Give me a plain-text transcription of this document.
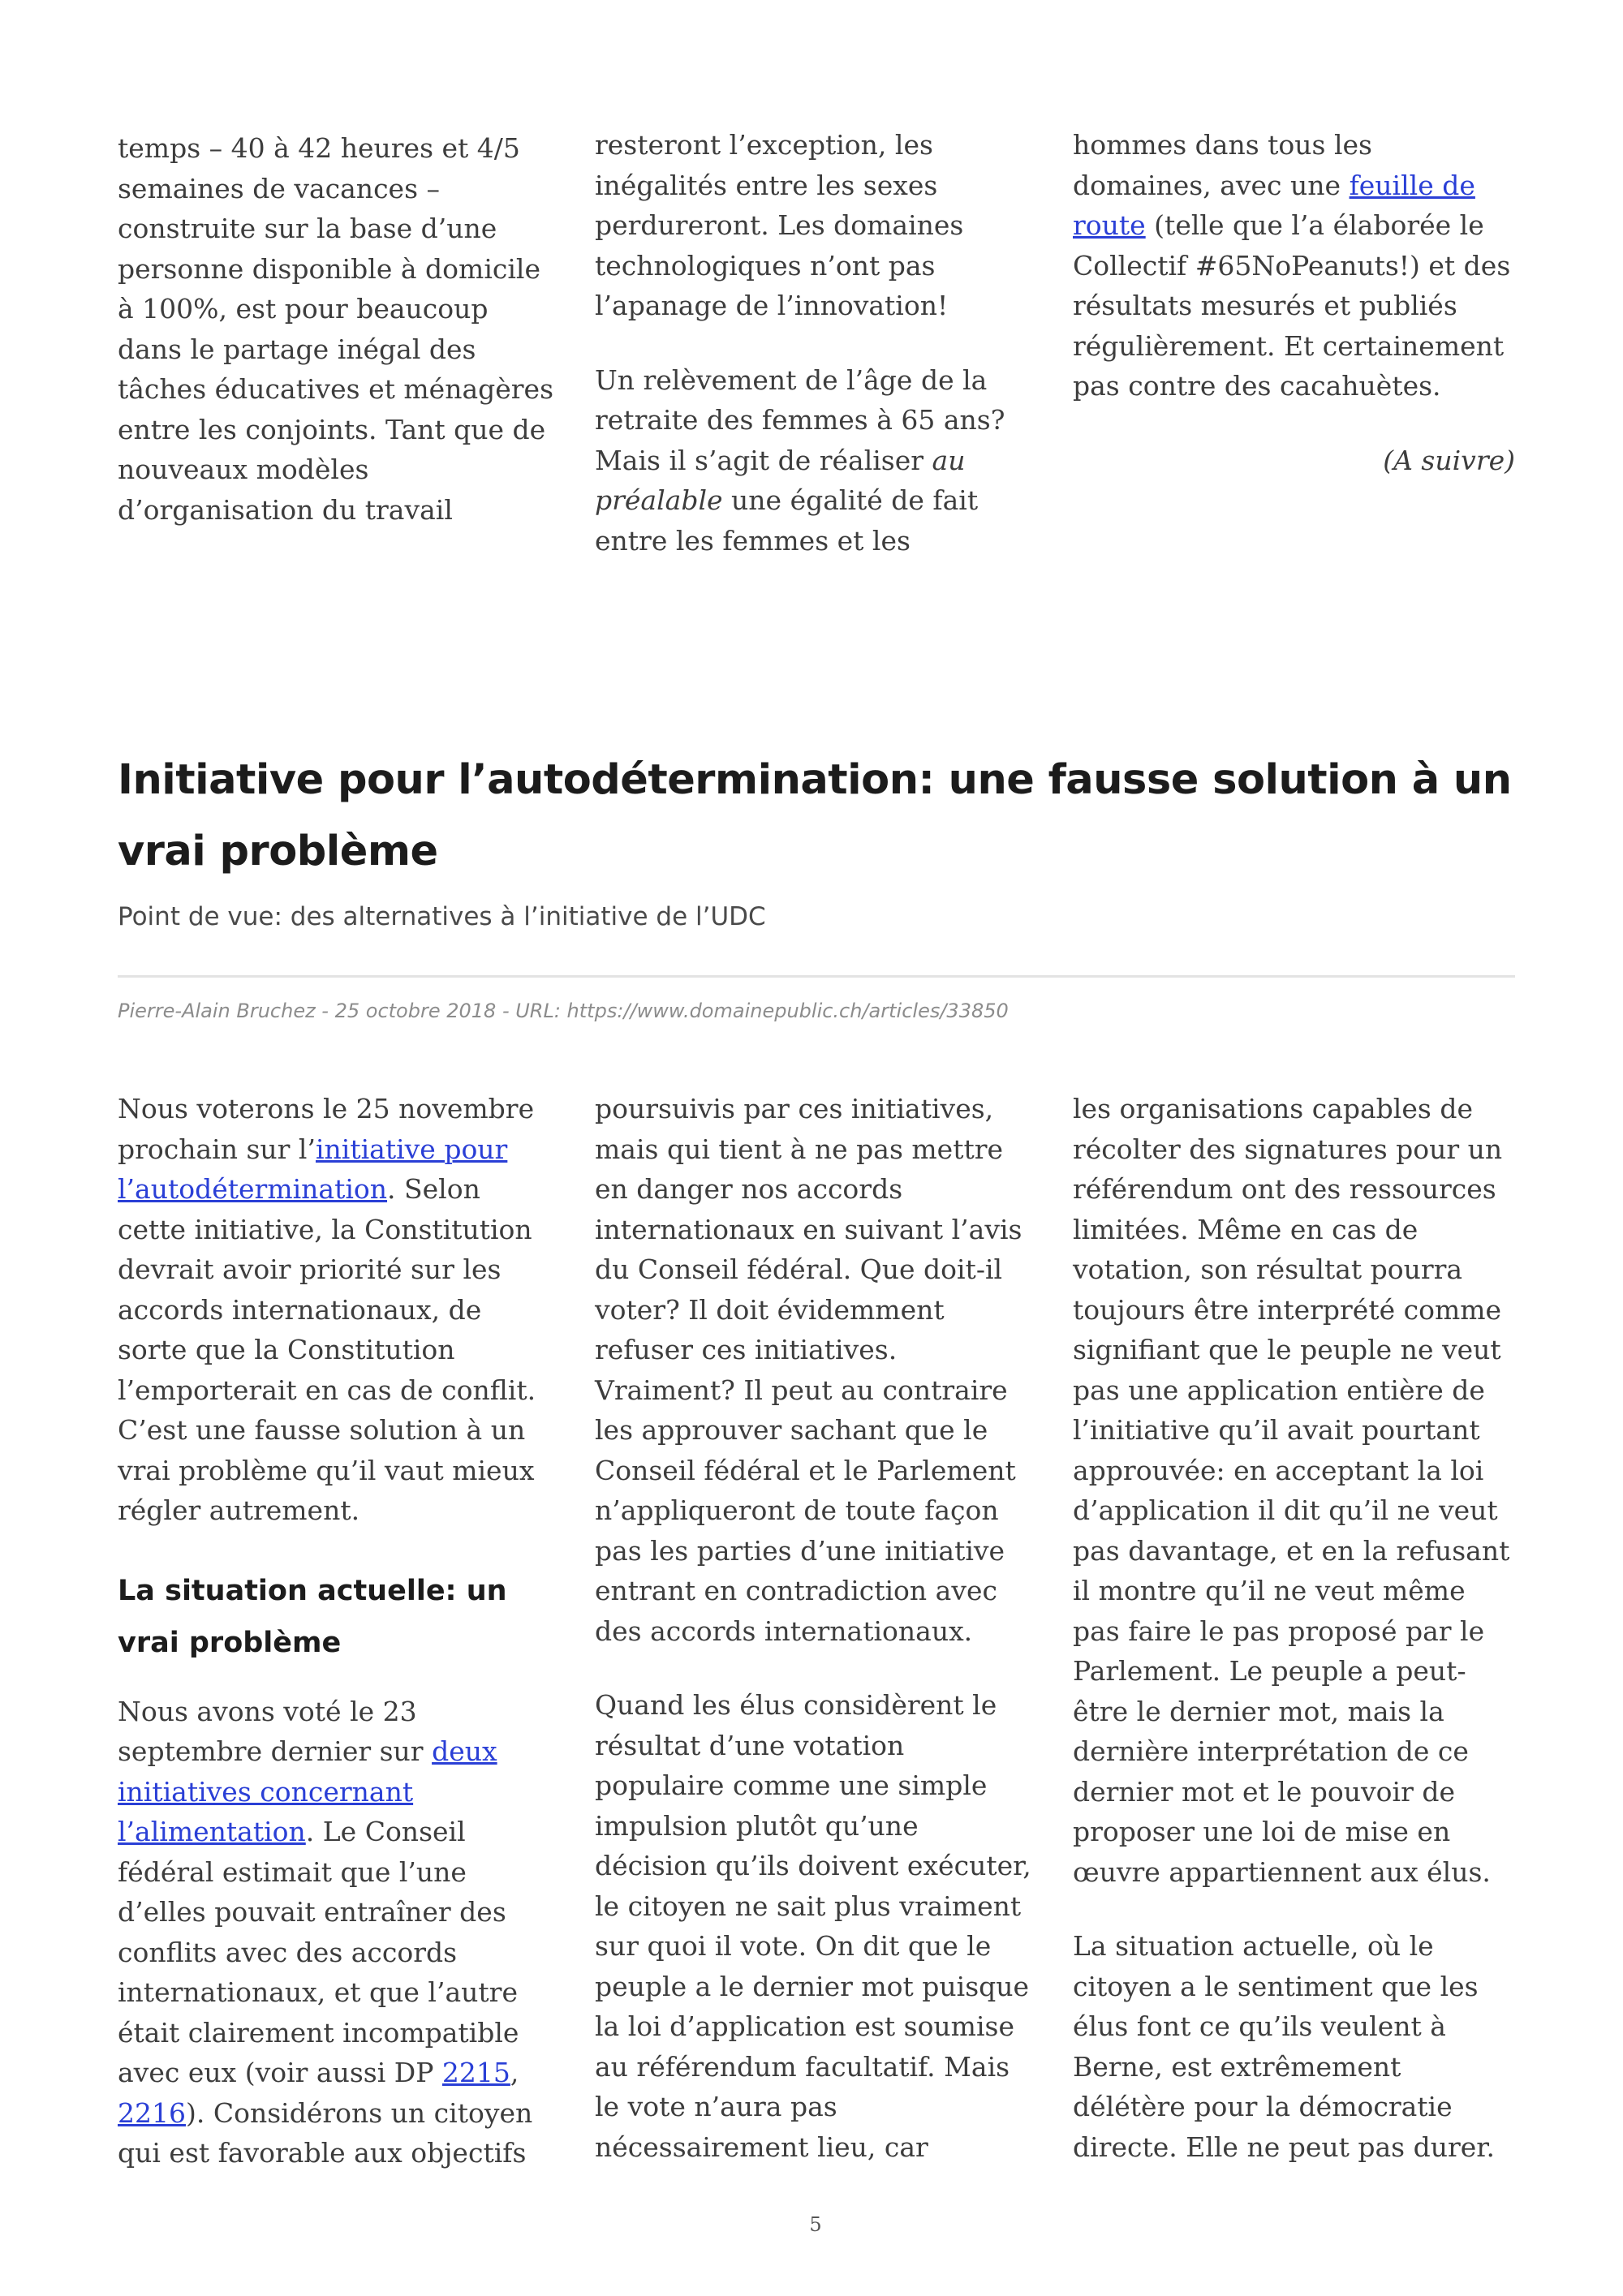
temps – 40 à 42 heures et 4/5 semaines de vacances – construite sur la base d’une personne disponible à domicile à 100%, est pour beaucoup dans le partage inégal des tâches éducatives et ménagères entre les conjoints. Tant que de nouveaux modèles d’organisation du travail

resteront l’exception, les inégalités entre les sexes perdureront. Les domaines technologiques n’ont pas l’apanage de l’innovation!

Un relèvement de l’âge de la retraite des femmes à 65 ans? Mais il s’agit de réaliser au préalable une égalité de fait entre les femmes et les

hommes dans tous les domaines, avec une feuille de route (telle que l’a élaborée le Collectif #65NoPeanuts!) et des résultats mesurés et publiés régulièrement. Et certainement pas contre des cacahuètes.

(A suivre)

Initiative pour l’autodétermination: une fausse solution à un vrai problème

Point de vue: des alternatives à l’initiative de l’UDC

Pierre-Alain Bruchez - 25 octobre 2018 - URL: https://www.domainepublic.ch/articles/33850

Nous voterons le 25 novembre prochain sur l’initiative pour l’autodétermination. Selon cette initiative, la Constitution devrait avoir priorité sur les accords internationaux, de sorte que la Constitution l’emporterait en cas de conflit. C’est une fausse solution à un vrai problème qu’il vaut mieux régler autrement.

La situation actuelle: un vrai problème

Nous avons voté le 23 septembre dernier sur deux initiatives concernant l’alimentation. Le Conseil fédéral estimait que l’une d’elles pouvait entraîner des conflits avec des accords internationaux, et que l’autre était clairement incompatible avec eux (voir aussi DP 2215, 2216). Considérons un citoyen qui est favorable aux objectifs

poursuivis par ces initiatives, mais qui tient à ne pas mettre en danger nos accords internationaux en suivant l’avis du Conseil fédéral. Que doit-il voter? Il doit évidemment refuser ces initiatives. Vraiment? Il peut au contraire les approuver sachant que le Conseil fédéral et le Parlement n’appliqueront de toute façon pas les parties d’une initiative entrant en contradiction avec des accords internationaux.

Quand les élus considèrent le résultat d’une votation populaire comme une simple impulsion plutôt qu’une décision qu’ils doivent exécuter, le citoyen ne sait plus vraiment sur quoi il vote. On dit que le peuple a le dernier mot puisque la loi d’application est soumise au référendum facultatif. Mais le vote n’aura pas nécessairement lieu, car

les organisations capables de récolter des signatures pour un référendum ont des ressources limitées. Même en cas de votation, son résultat pourra toujours être interprété comme signifiant que le peuple ne veut pas une application entière de l’initiative qu’il avait pourtant approuvée: en acceptant la loi d’application il dit qu’il ne veut pas davantage, et en la refusant il montre qu’il ne veut même pas faire le pas proposé par le Parlement. Le peuple a peut-être le dernier mot, mais la dernière interprétation de ce dernier mot et le pouvoir de proposer une loi de mise en œuvre appartiennent aux élus.

La situation actuelle, où le citoyen a le sentiment que les élus font ce qu’ils veulent à Berne, est extrêmement délétère pour la démocratie directe. Elle ne peut pas durer.

5
